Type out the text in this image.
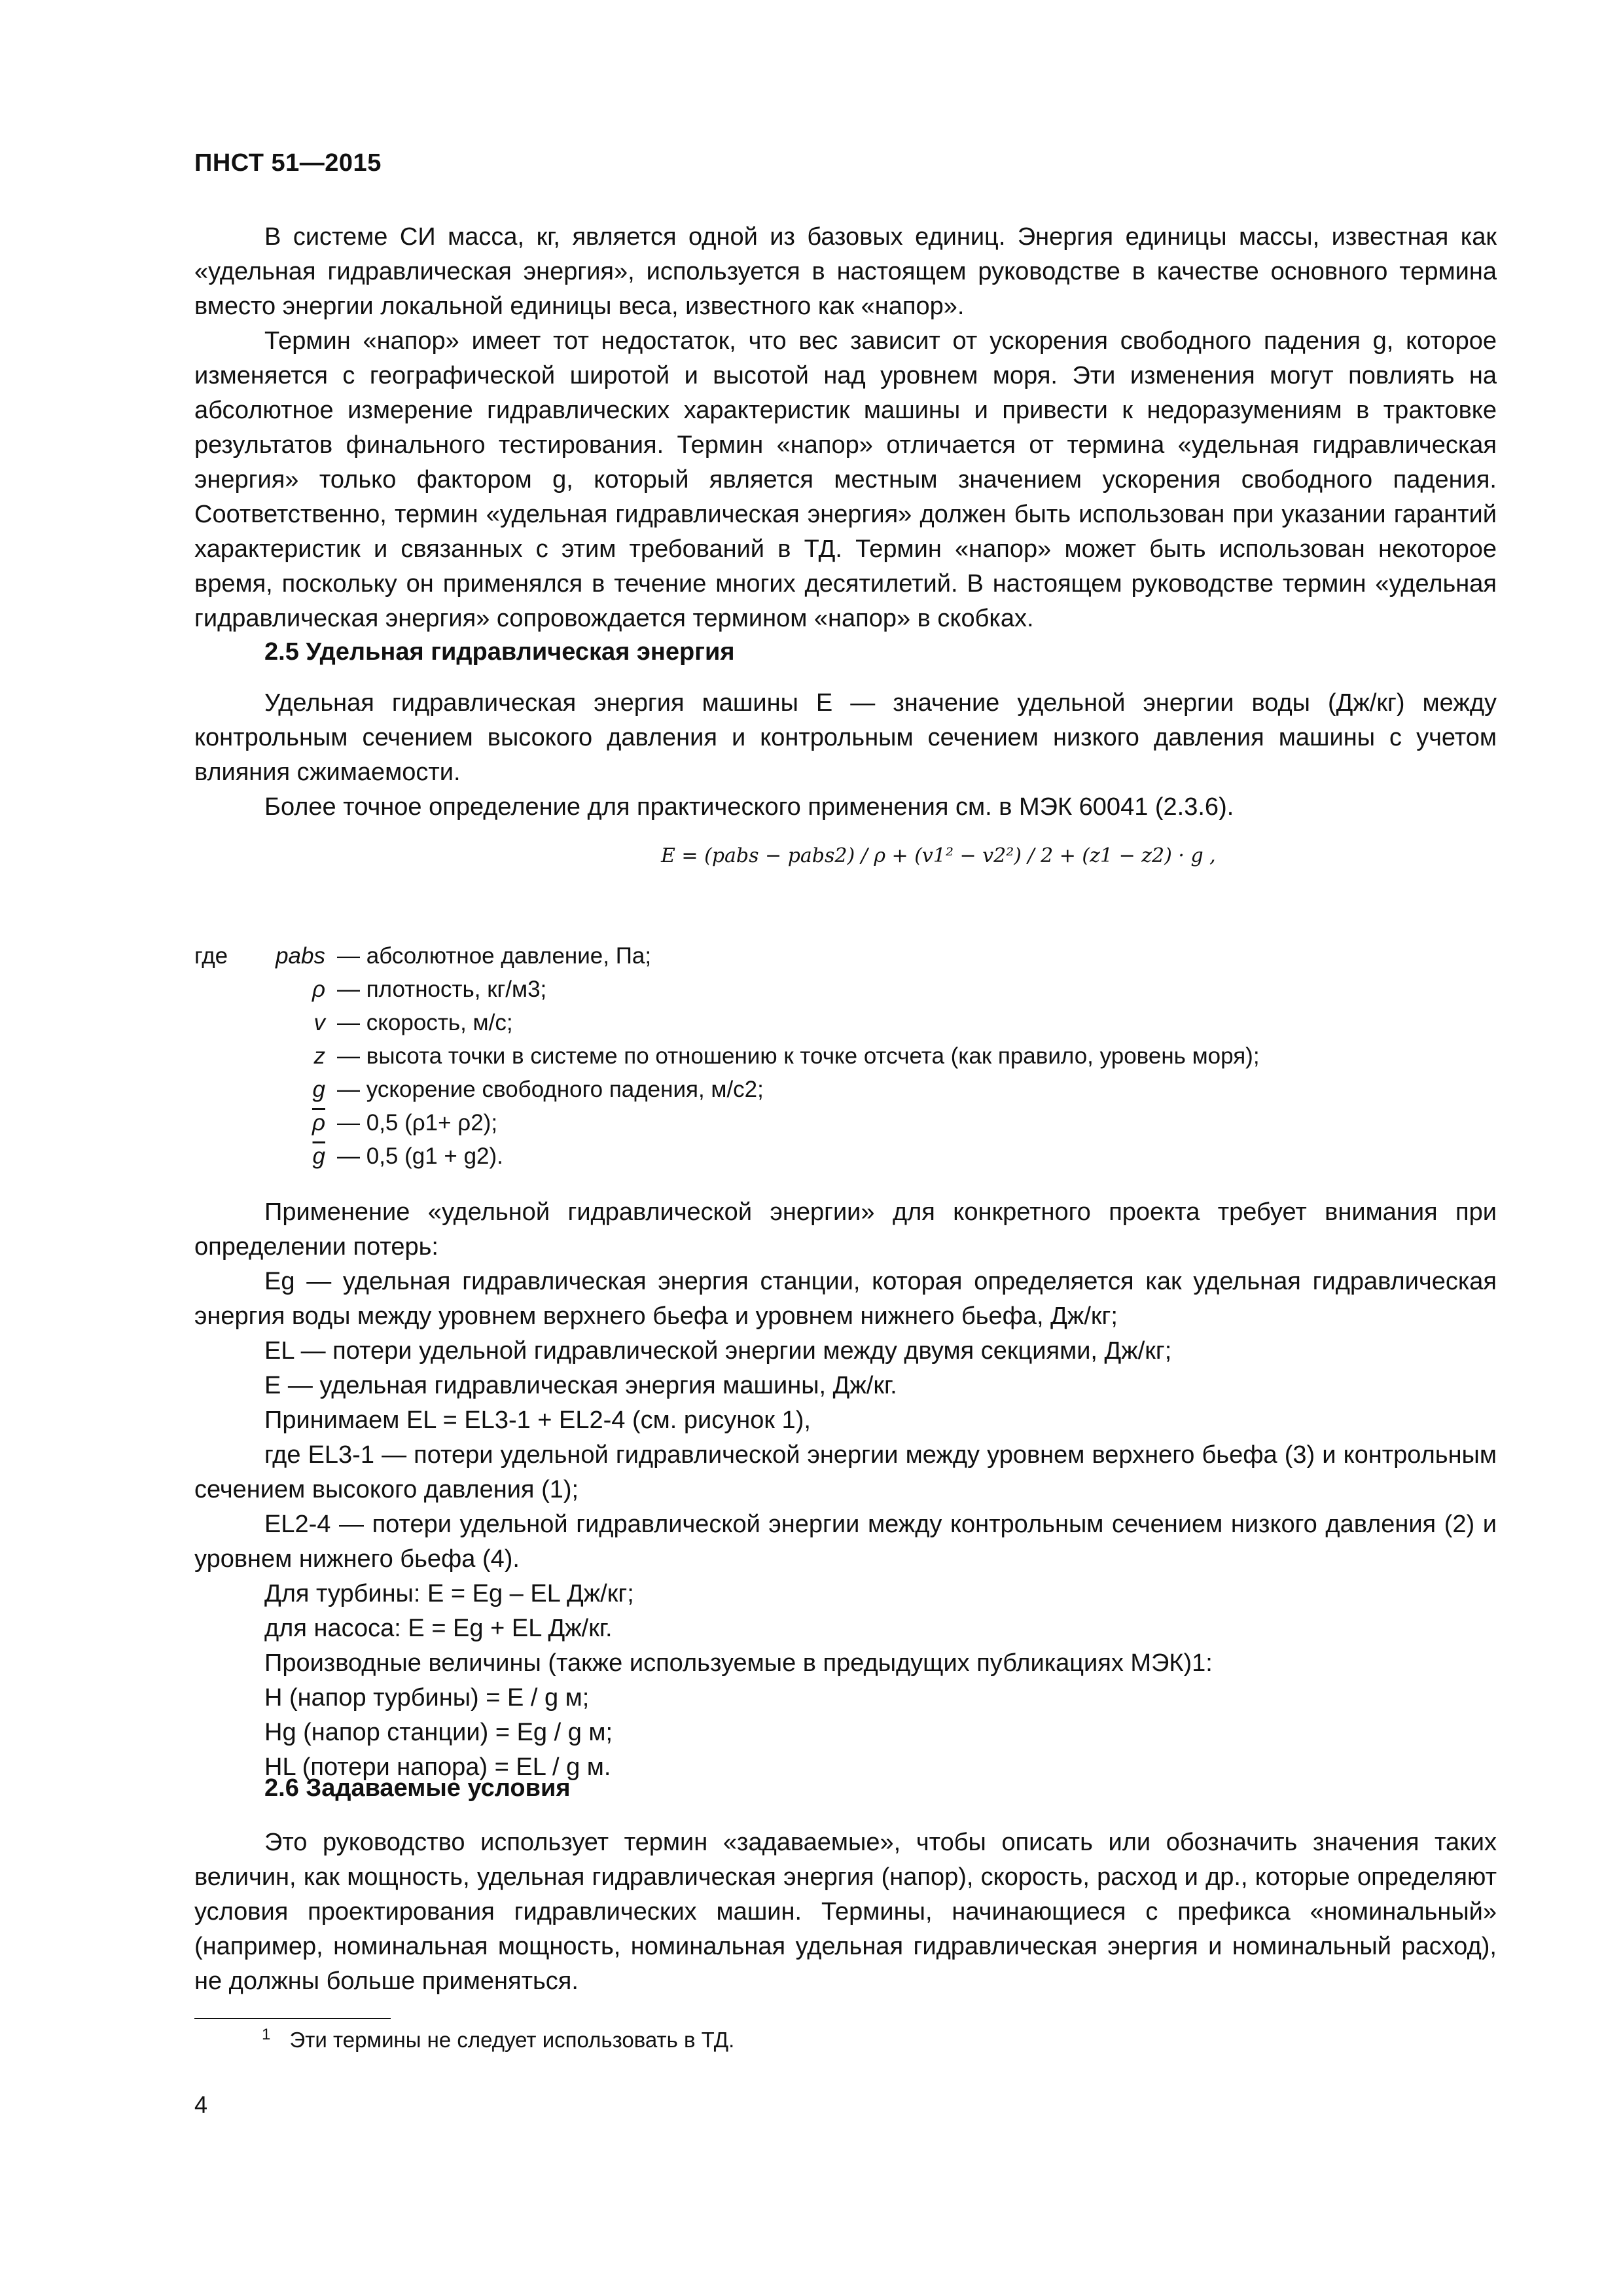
ПНСТ 51—2015

В системе СИ масса, кг, является одной из базовых единиц. Энергия единицы массы, известная как «удельная гидравлическая энергия», используется в настоящем руководстве в качестве основного термина вместо энергии локальной единицы веса, известного как «напор».

Термин «напор» имеет тот недостаток, что вес зависит от ускорения свободного падения g, которое изменяется с географической широтой и высотой над уровнем моря. Эти изменения могут повлиять на абсолютное измерение гидравлических характеристик машины и привести к недоразумениям в трактовке результатов финального тестирования. Термин «напор» отличается от термина «удельная гидравлическая энергия» только фактором g, который является местным значением ускорения свободного падения. Соответственно, термин «удельная гидравлическая энергия» должен быть использован при указании гарантий характеристик и связанных с этим требований в ТД. Термин «напор» может быть использован некоторое время, поскольку он применялся в течение многих десятилетий. В настоящем руководстве термин «удельная гидравлическая энергия» сопровождается термином «напор» в скобках.

2.5 Удельная гидравлическая энергия

Удельная гидравлическая энергия машины E — значение удельной энергии воды (Дж/кг) между контрольным сечением высокого давления и контрольным сечением низкого давления машины с учетом влияния сжимаемости.

Более точное определение для практического применения см. в МЭК 60041 (2.3.6).

E = (pabs − pabs2) / ρ + (v1² − v2²) / 2 + (z1 − z2) · g ,
где	pabs — абсолютное давление, Па;
ρ — плотность, кг/м3;
v — скорость, м/с;
z — высота точки в системе по отношению к точке отсчета (как правило, уровень моря);
g — ускорение свободного падения, м/с2;
$\overline{\rho}$ — 0,5 (ρ1+ ρ2);
$\overline{g}$ — 0,5 (g1 + g2).

Применение «удельной гидравлической энергии» для конкретного проекта требует внимания при определении потерь:

Eg — удельная гидравлическая энергия станции, которая определяется как удельная гидравлическая энергия воды между уровнем верхнего бьефа и уровнем нижнего бьефа, Дж/кг;

EL — потери удельной гидравлической энергии между двумя секциями, Дж/кг;

E — удельная гидравлическая энергия машины, Дж/кг.

Принимаем EL = EL3-1 + EL2-4 (см. рисунок 1),

где EL3-1 — потери удельной гидравлической энергии между уровнем верхнего бьефа (3) и контрольным сечением высокого давления (1);

EL2-4 — потери удельной гидравлической энергии между контрольным сечением низкого давления (2) и уровнем нижнего бьефа (4).

Для турбины: E = Eg – EL Дж/кг;

для насоса: E = Eg + EL Дж/кг.

Производные величины (также используемые в предыдущих публикациях МЭК)1:

H (напор турбины) = E / g м;

Hg (напор станции) = Eg / g м;

HL (потери напора) = EL / g м.

2.6 Задаваемые условия

Это руководство использует термин «задаваемые», чтобы описать или обозначить значения таких величин, как мощность, удельная гидравлическая энергия (напор), скорость, расход и др., которые определяют условия проектирования гидравлических машин. Термины, начинающиеся с префикса «номинальный» (например, номинальная мощность, номинальная удельная гидравлическая энергия и номинальный расход), не должны больше применяться.

$^1$ Эти термины не следует использовать в ТД.
4
